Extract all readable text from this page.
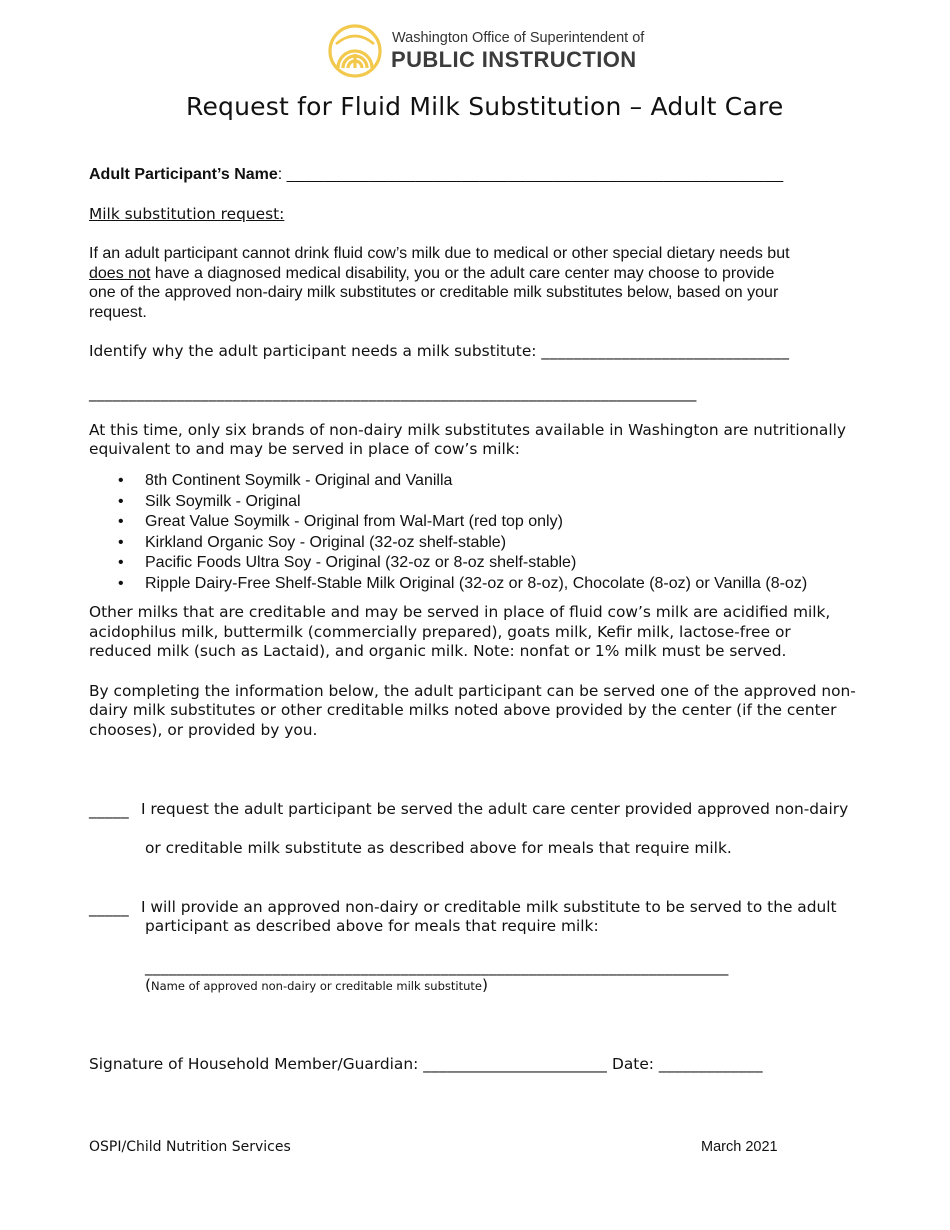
Washington Office of Superintendent of
PUBLIC INSTRUCTION
Request for Fluid Milk Substitution – Adult Care
Adult Participant’s Name: ______________________________________________________
Milk substitution request:
If an adult participant cannot drink fluid cow’s milk due to medical or other special dietary needs but
does not have a diagnosed medical disability, you or the adult care center may choose to provide
one of the approved non-dairy milk substitutes or creditable milk substitutes below, based on your
request.
Identify why the adult participant needs a milk substitute: _______________________________
____________________________________________________________________________
At this time, only six brands of non-dairy milk substitutes available in Washington are nutritionally
equivalent to and may be served in place of cow’s milk:
• 8th Continent Soymilk - Original and Vanilla
• Silk Soymilk - Original
• Great Value Soymilk - Original from Wal-Mart (red top only)
• Kirkland Organic Soy - Original (32-oz shelf-stable)
• Pacific Foods Ultra Soy - Original (32-oz or 8-oz shelf-stable)
• Ripple Dairy-Free Shelf-Stable Milk Original (32-oz or 8-oz), Chocolate (8-oz) or Vanilla (8-oz)
Other milks that are creditable and may be served in place of fluid cow’s milk are acidified milk,
acidophilus milk, buttermilk (commercially prepared), goats milk, Kefir milk, lactose-free or
reduced milk (such as Lactaid), and organic milk. Note: nonfat or 1% milk must be served.
By completing the information below, the adult participant can be served one of the approved non-
dairy milk substitutes or other creditable milks noted above provided by the center (if the center
chooses), or provided by you.
_____ I request the adult participant be served the adult care center provided approved non-dairy
or creditable milk substitute as described above for meals that require milk.
_____ I will provide an approved non-dairy or creditable milk substitute to be served to the adult
participant as described above for meals that require milk:
_________________________________________________________________________
(Name of approved non-dairy or creditable milk substitute)
Signature of Household Member/Guardian: _______________________ Date: _____________
OSPI/Child Nutrition Services	March 2021
